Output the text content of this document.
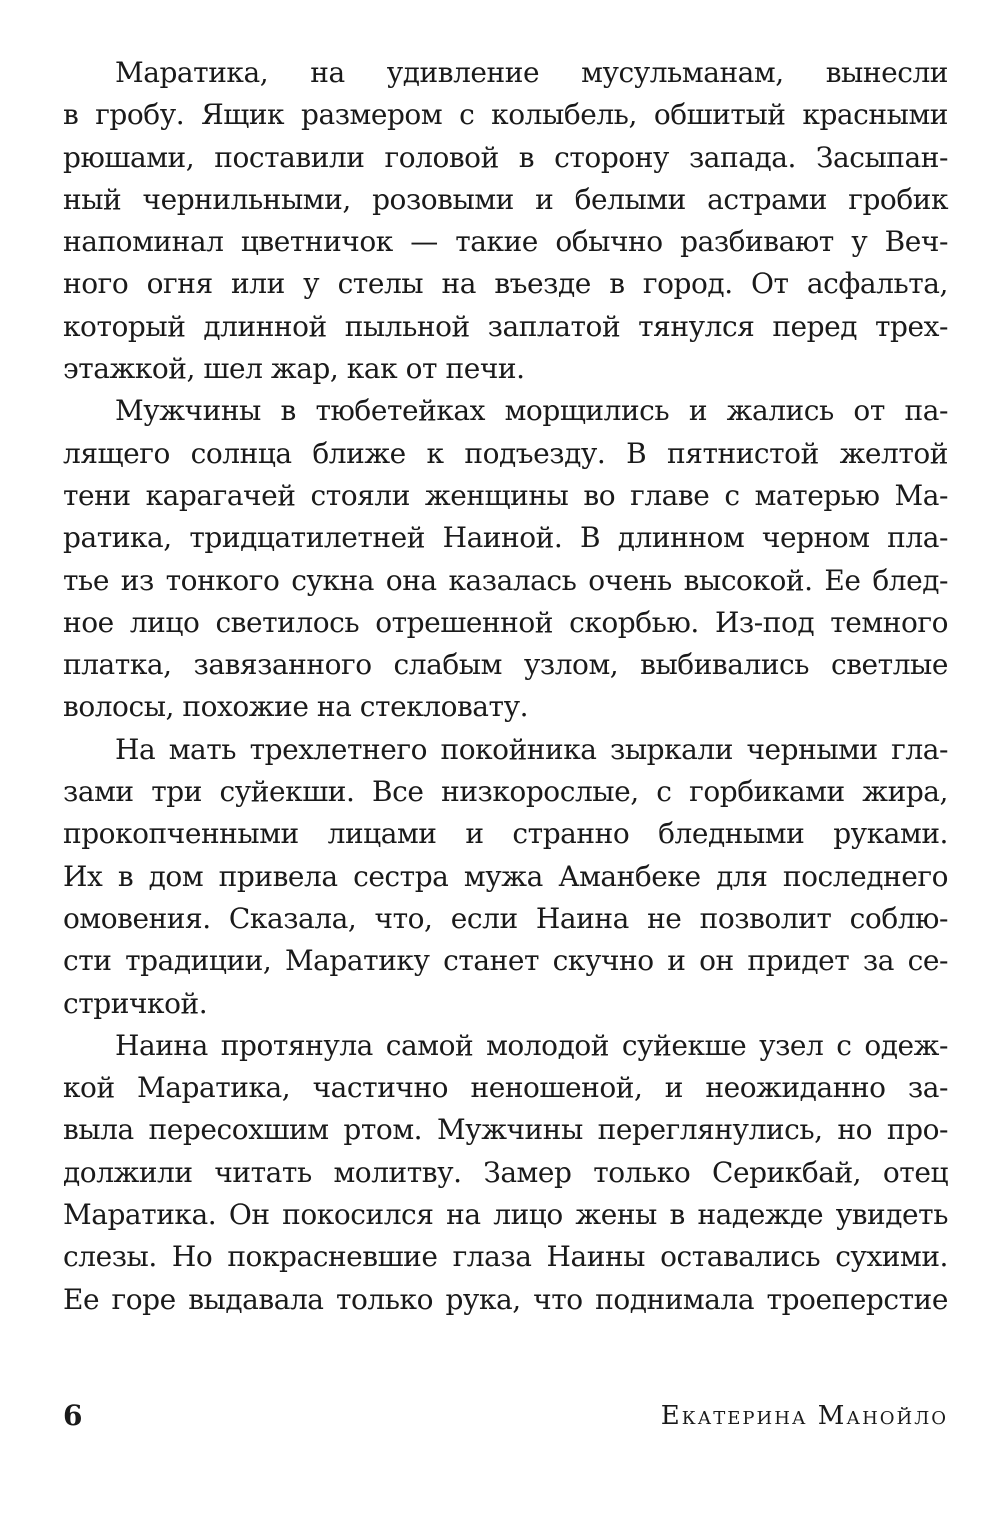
Маратика, на удивление мусульманам, вынесли
в гробу. Ящик размером с колыбель, обшитый красными
рюшами, поставили головой в сторону запада. Засыпан-
ный чернильными, розовыми и белыми астрами гробик
напоминал цветничок — такие обычно разбивают у Веч-
ного огня или у стелы на въезде в город. От асфальта,
который длинной пыльной заплатой тянулся перед трех-
этажкой, шел жар, как от печи.
Мужчины в тюбетейках морщились и жались от па-
лящего солнца ближе к подъезду. В пятнистой желтой
тени карагачей стояли женщины во главе с матерью Ма-
ратика, тридцатилетней Наиной. В длинном черном пла-
тье из тонкого сукна она казалась очень высокой. Ее блед-
ное лицо светилось отрешенной скорбью. Из-под темного
платка, завязанного слабым узлом, выбивались светлые
волосы, похожие на стекловату.
На мать трехлетнего покойника зыркали черными гла-
зами три суйекши. Все низкорослые, с горбиками жира,
прокопченными лицами и странно бледными руками.
Их в дом привела сестра мужа Аманбеке для последнего
омовения. Сказала, что, если Наина не позволит соблю-
сти традиции, Маратику станет скучно и он придет за се-
стричкой.
Наина протянула самой молодой суйекше узел с одеж-
кой Маратика, частично неношеной, и неожиданно за-
выла пересохшим ртом. Мужчины переглянулись, но про-
должили читать молитву. Замер только Серикбай, отец
Маратика. Он покосился на лицо жены в надежде увидеть
слезы. Но покрасневшие глаза Наины оставались сухими.
Ее горе выдавала только рука, что поднимала троеперстие
6	Екатерина Манойло
